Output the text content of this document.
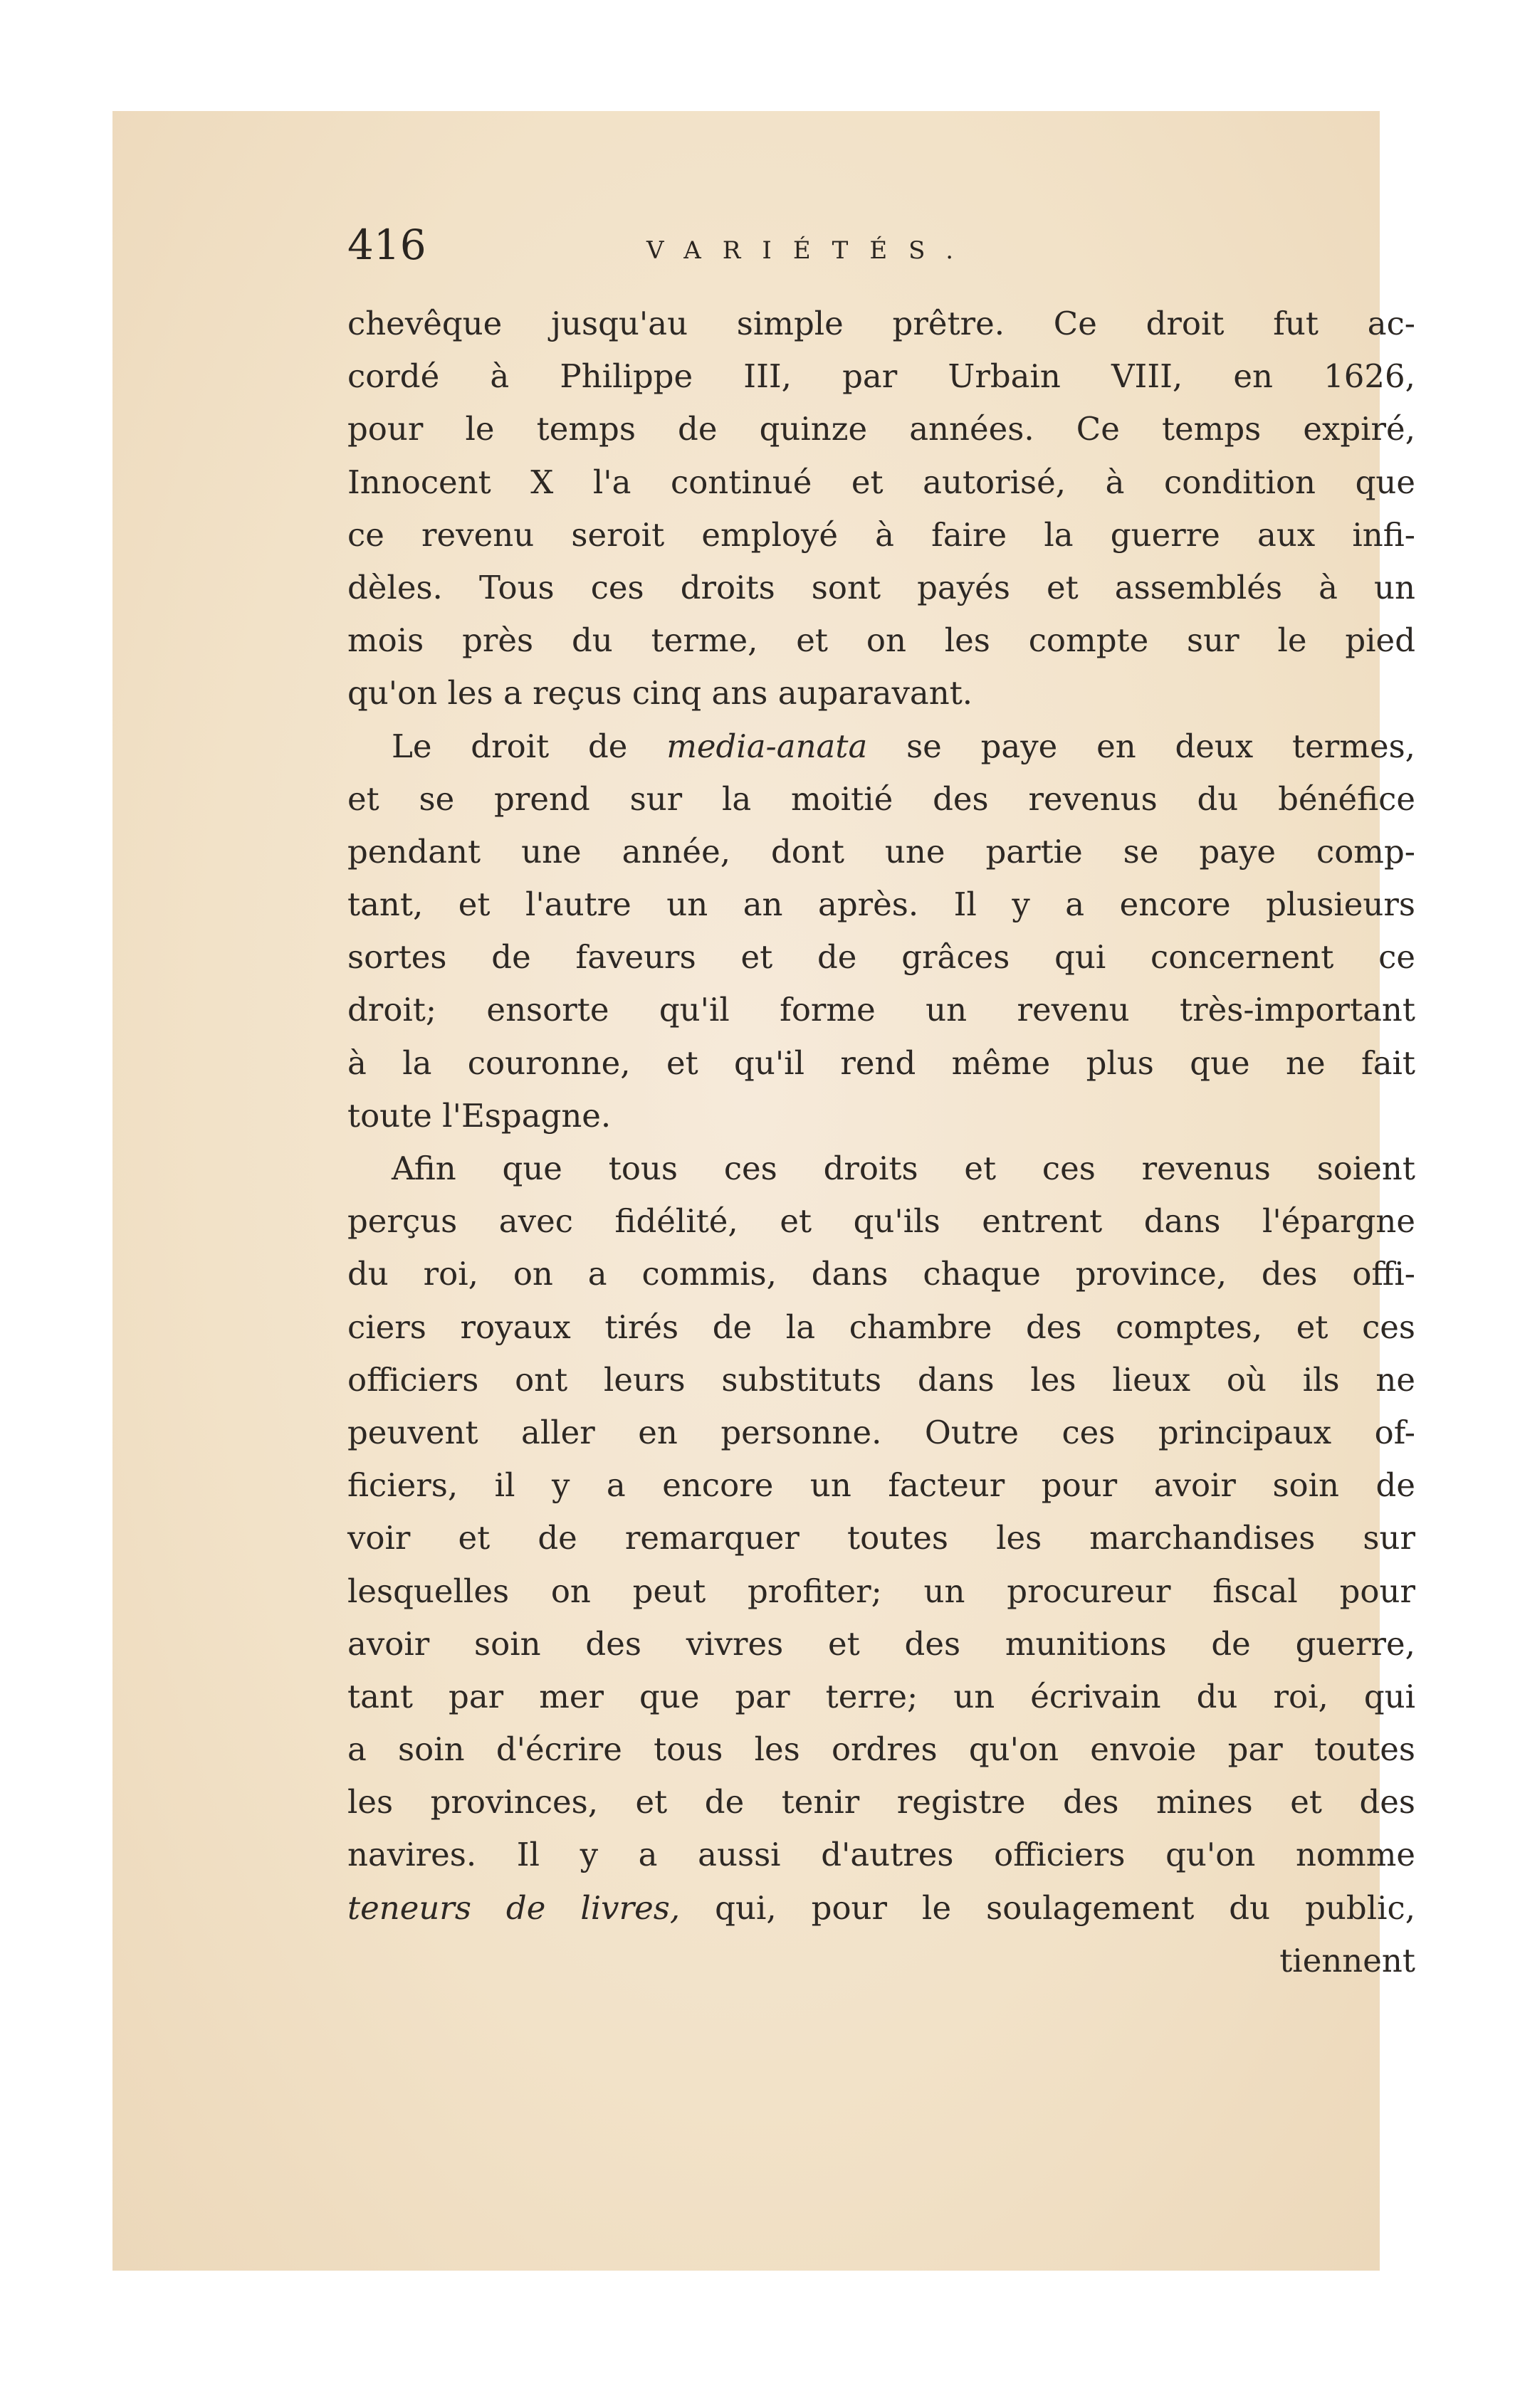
416	VARIÉTÉS.
chevêque jusqu'au simple prêtre. Ce droit fut ac-
cordé à Philippe III, par Urbain VIII, en 1626,
pour le temps de quinze années. Ce temps expiré,
Innocent X l'a continué et autorisé, à condition que
ce revenu seroit employé à faire la guerre aux infi-
dèles. Tous ces droits sont payés et assemblés à un
mois près du terme, et on les compte sur le pied
qu'on les a reçus cinq ans auparavant.
Le droit de media-anata se paye en deux termes,
et se prend sur la moitié des revenus du bénéfice
pendant une année, dont une partie se paye comp-
tant, et l'autre un an après. Il y a encore plusieurs
sortes de faveurs et de grâces qui concernent ce
droit; ensorte qu'il forme un revenu très-important
à la couronne, et qu'il rend même plus que ne fait
toute l'Espagne.
Afin que tous ces droits et ces revenus soient
perçus avec fidélité, et qu'ils entrent dans l'épargne
du roi, on a commis, dans chaque province, des offi-
ciers royaux tirés de la chambre des comptes, et ces
officiers ont leurs substituts dans les lieux où ils ne
peuvent aller en personne. Outre ces principaux of-
ficiers, il y a encore un facteur pour avoir soin de
voir et de remarquer toutes les marchandises sur
lesquelles on peut profiter; un procureur fiscal pour
avoir soin des vivres et des munitions de guerre,
tant par mer que par terre; un écrivain du roi, qui
a soin d'écrire tous les ordres qu'on envoie par toutes
les provinces, et de tenir registre des mines et des
navires. Il y a aussi d'autres officiers qu'on nomme
teneurs de livres, qui, pour le soulagement du public,
tiennent
